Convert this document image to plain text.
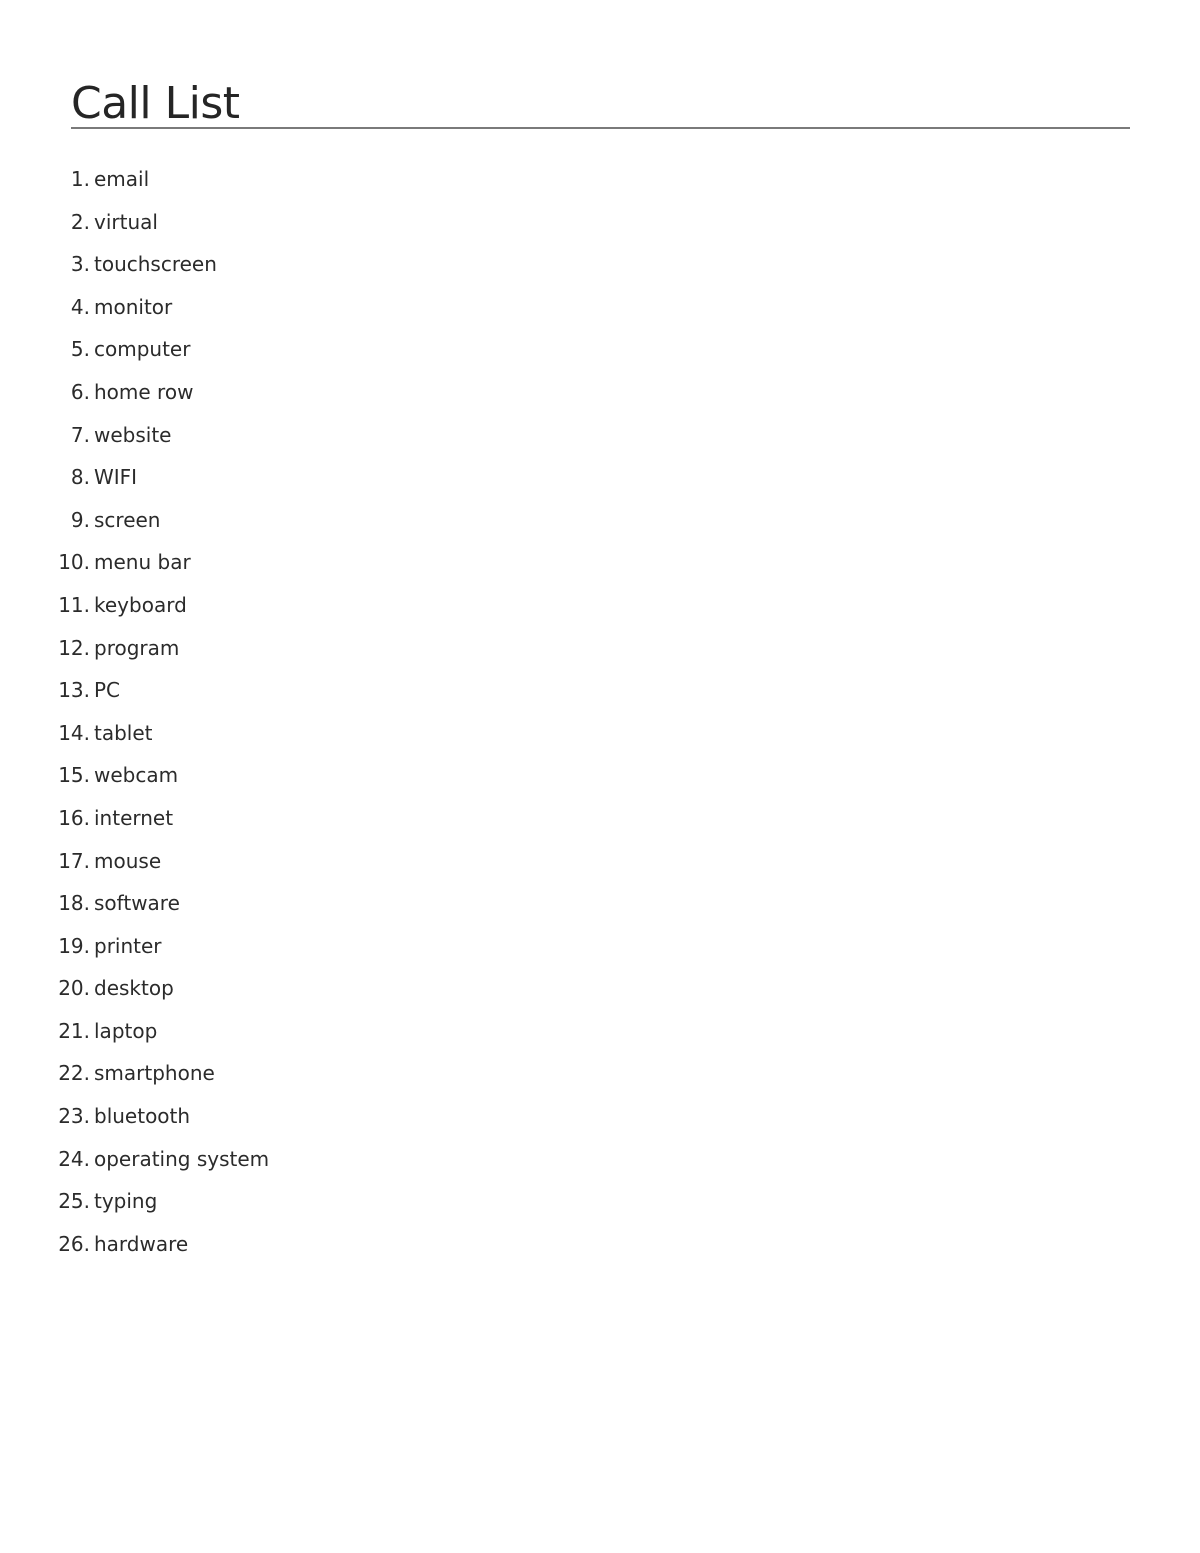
Call List
1. email
2. virtual
3. touchscreen
4. monitor
5. computer
6. home row
7. website
8. WIFI
9. screen
10. menu bar
11. keyboard
12. program
13. PC
14. tablet
15. webcam
16. internet
17. mouse
18. software
19. printer
20. desktop
21. laptop
22. smartphone
23. bluetooth
24. operating system
25. typing
26. hardware
